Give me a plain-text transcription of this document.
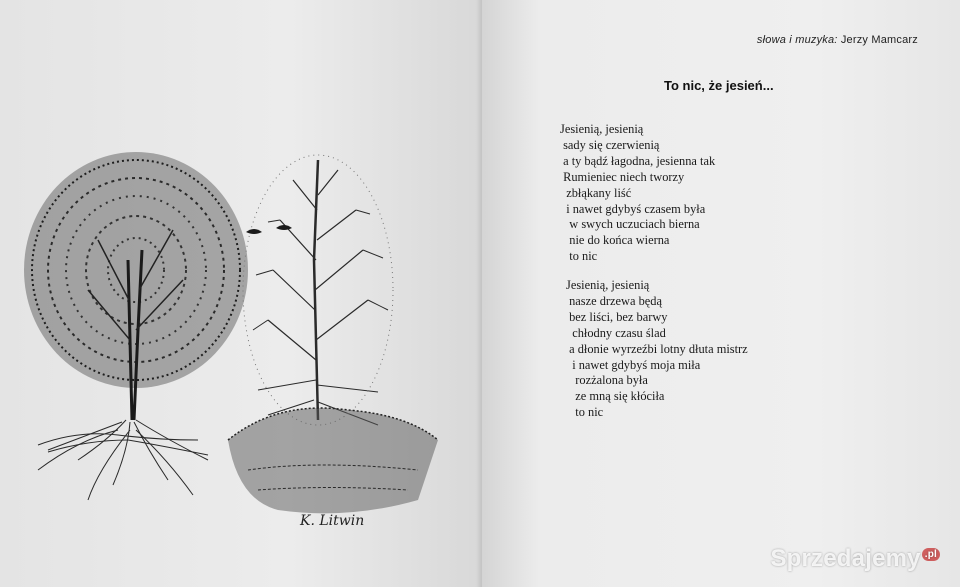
K. Litwin
słowa i muzyka: Jerzy Mamcarz
To nic, że jesień...
Jesienią, jesienią
sady się czerwienią
a ty bądź łagodna, jesienna tak
Rumieniec niech tworzy
zbłąkany liść
i nawet gdybyś czasem była
w swych uczuciach bierna
nie do końca wierna
to nic
Jesienią, jesienią
nasze drzewa będą
bez liści, bez barwy
chłodny czasu ślad
a dłonie wyrzeźbi lotny dłuta mistrz
i nawet gdybyś moja miła
rozżalona była
ze mną się kłóciła
to nic
Sprzedajemy $^{.pl}$
